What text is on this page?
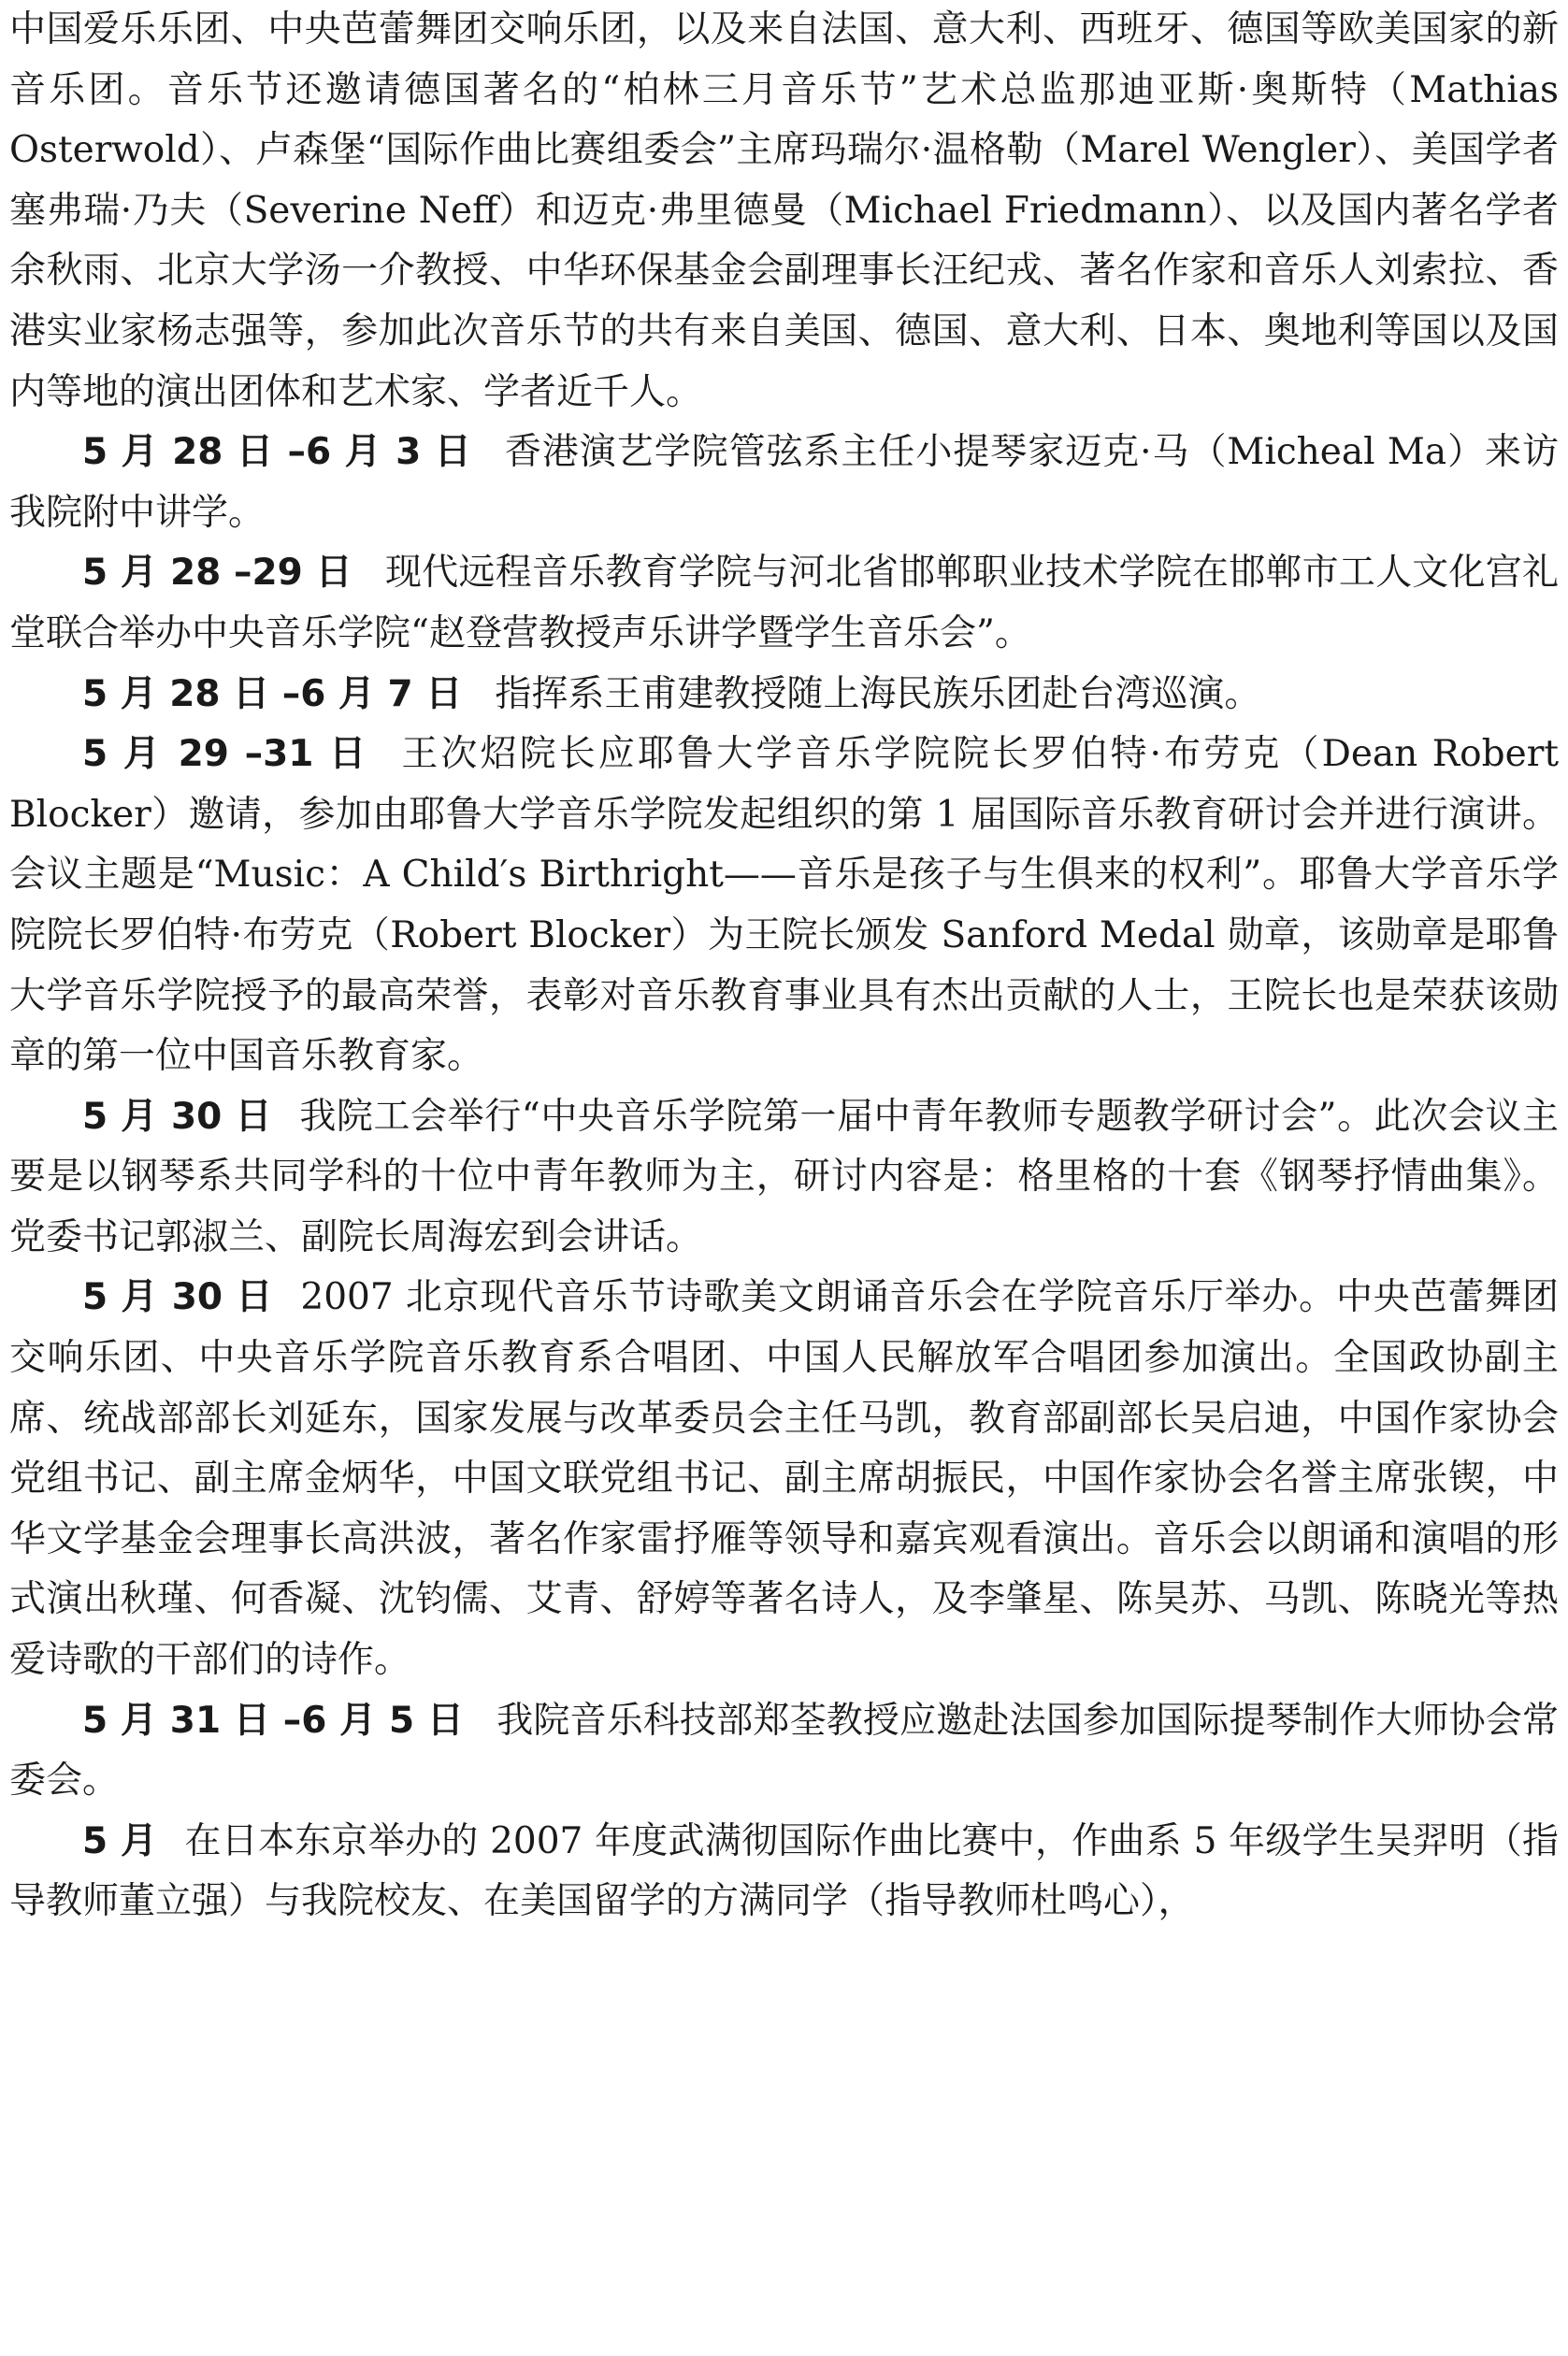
中国爱乐乐团、中央芭蕾舞团交响乐团，以及来自法国、意大利、西班牙、德国等欧美国家的新音乐团。音乐节还邀请德国著名的“柏林三月音乐节”艺术总监那迪亚斯·奥斯特（Mathias Osterwold）、卢森堡“国际作曲比赛组委会”主席玛瑞尔·温格勒（Marel Wengler）、美国学者塞弗瑞·乃夫（Severine Neff）和迈克·弗里德曼（Michael Friedmann）、以及国内著名学者余秋雨、北京大学汤一介教授、中华环保基金会副理事长汪纪戎、著名作家和音乐人刘索拉、香港实业家杨志强等，参加此次音乐节的共有来自美国、德国、意大利、日本、奥地利等国以及国内等地的演出团体和艺术家、学者近千人。

5 月 28 日 –6 月 3 日 香港演艺学院管弦系主任小提琴家迈克·马（Micheal Ma）来访我院附中讲学。

5 月 28 –29 日 现代远程音乐教育学院与河北省邯郸职业技术学院在邯郸市工人文化宫礼堂联合举办中央音乐学院“赵登营教授声乐讲学暨学生音乐会”。

5 月 28 日 –6 月 7 日 指挥系王甫建教授随上海民族乐团赴台湾巡演。

5 月 29 –31 日 王次炤院长应耶鲁大学音乐学院院长罗伯特·布劳克（Dean Robert Blocker）邀请，参加由耶鲁大学音乐学院发起组织的第 1 届国际音乐教育研讨会并进行演讲。会议主题是“Music：A Child′s Birthright——音乐是孩子与生俱来的权利”。耶鲁大学音乐学院院长罗伯特·布劳克（Robert Blocker）为王院长颁发 Sanford Medal 勋章，该勋章是耶鲁大学音乐学院授予的最高荣誉，表彰对音乐教育事业具有杰出贡献的人士，王院长也是荣获该勋章的第一位中国音乐教育家。

5 月 30 日 我院工会举行“中央音乐学院第一届中青年教师专题教学研讨会”。此次会议主要是以钢琴系共同学科的十位中青年教师为主，研讨内容是：格里格的十套《钢琴抒情曲集》。党委书记郭淑兰、副院长周海宏到会讲话。

5 月 30 日 2007 北京现代音乐节诗歌美文朗诵音乐会在学院音乐厅举办。中央芭蕾舞团交响乐团、中央音乐学院音乐教育系合唱团、中国人民解放军合唱团参加演出。全国政协副主席、统战部部长刘延东，国家发展与改革委员会主任马凯，教育部副部长吴启迪，中国作家协会党组书记、副主席金炳华，中国文联党组书记、副主席胡振民，中国作家协会名誉主席张锲，中华文学基金会理事长高洪波，著名作家雷抒雁等领导和嘉宾观看演出。音乐会以朗诵和演唱的形式演出秋瑾、何香凝、沈钧儒、艾青、舒婷等著名诗人，及李肇星、陈昊苏、马凯、陈晓光等热爱诗歌的干部们的诗作。

5 月 31 日 –6 月 5 日 我院音乐科技部郑荃教授应邀赴法国参加国际提琴制作大师协会常委会。

5 月 在日本东京举办的 2007 年度武满彻国际作曲比赛中，作曲系 5 年级学生吴羿明（指导教师董立强）与我院校友、在美国留学的方满同学（指导教师杜鸣心），
